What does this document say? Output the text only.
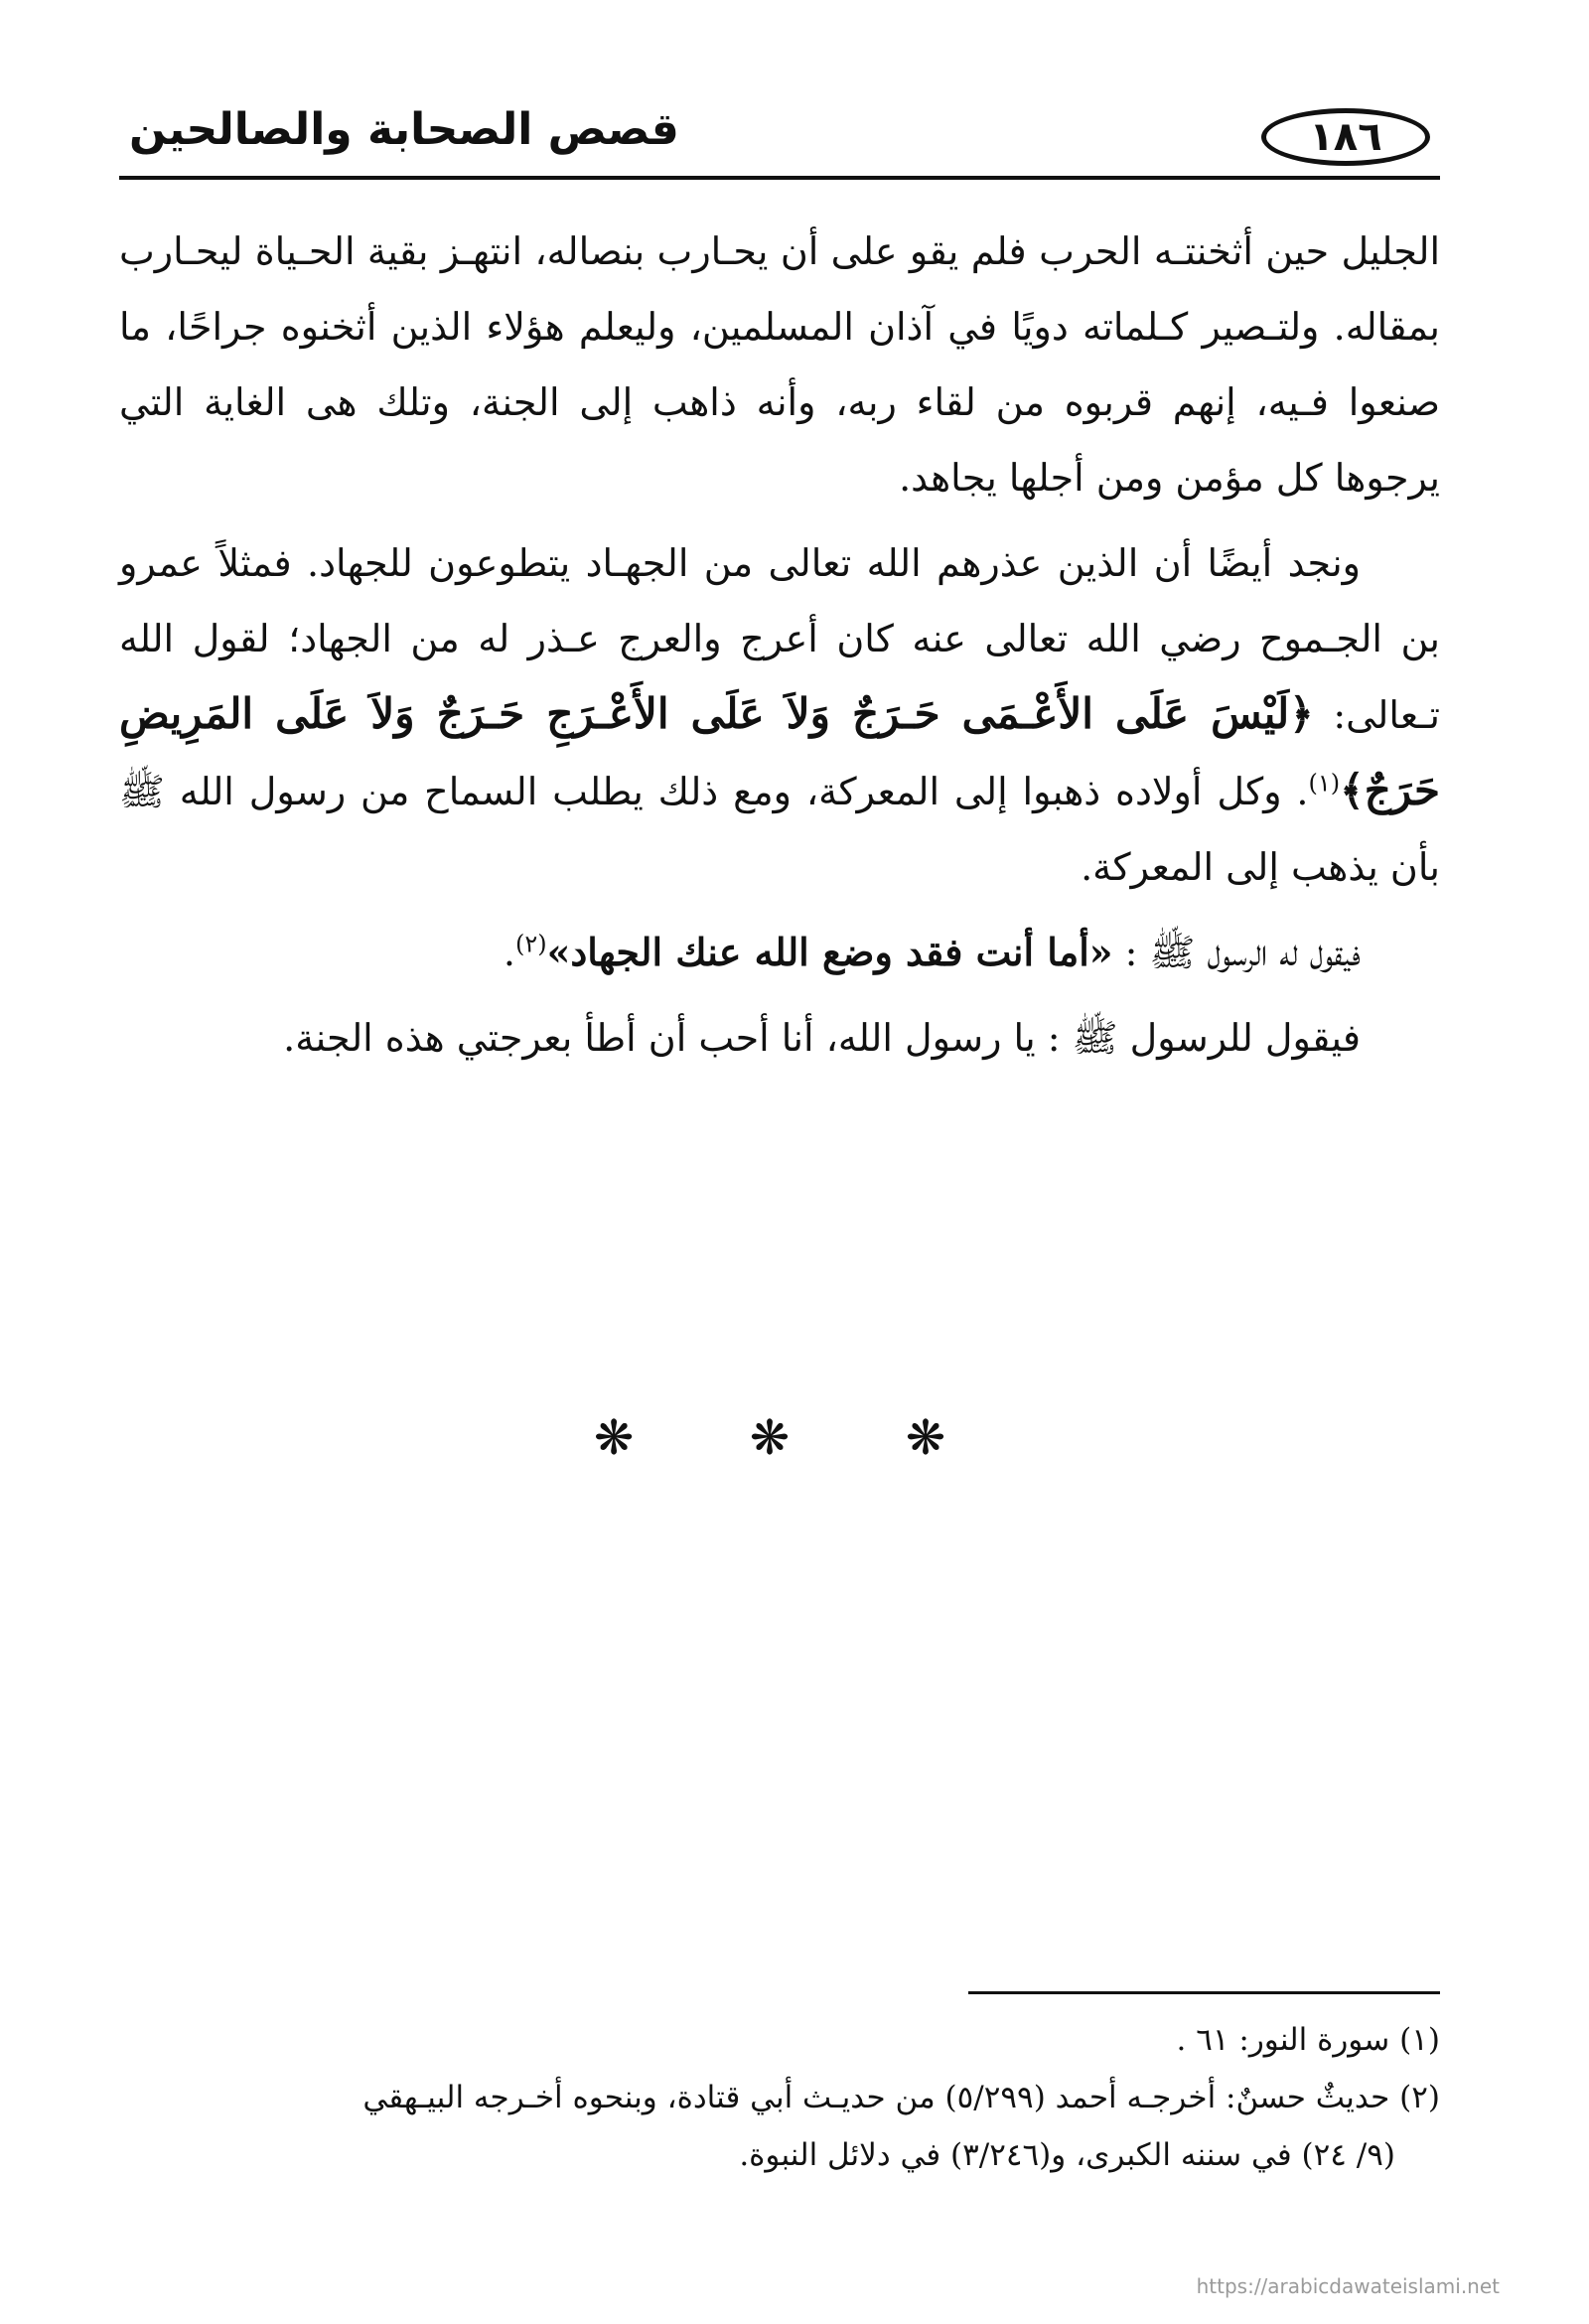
قصص الصحابة والصالحين	١٨٦

الجليل حين أثخنتـه الحرب فلم يقو على أن يحـارب بنصاله، انتهـز بقية الحـياة ليحـارب بمقاله. ولتـصير كـلماته دويًا في آذان المسلمين، وليعلم هؤلاء الذين أثخنوه جراحًا، ما صنعوا فـيه، إنهم قربوه من لقاء ربه، وأنه ذاهب إلى الجنة، وتلك هى الغاية التي يرجوها كل مؤمن ومن أجلها يجاهد.

ونجد أيضًا أن الذين عذرهم الله تعالى من الجهـاد يتطوعون للجهاد. فمثلاً عمرو بن الجـموح رضي الله تعالى عنه كان أعرج والعرج عـذر له من الجهاد؛ لقول الله تـعالى: ﴿لَيْسَ عَلَى الأَعْـمَى حَـرَجٌ وَلاَ عَلَى الأَعْـرَجِ حَـرَجٌ وَلاَ عَلَى المَرِيضِ حَرَجٌ﴾$^{(١)}$. وكل أولاده ذهبوا إلى المعركة، ومع ذلك يطلب السماح من رسول الله ﷺ بأن يذهب إلى المعركة.

فيقول له الرسول ﷺ : «أما أنت فقد وضع الله عنك الجهاد»$^{(٢)}$.

فيقول للرسول ﷺ : يا رسول الله، أنا أحب أن أطأ بعرجتي هذه الجنة.

❋ ❋ ❋

(١) سورة النور: ٦١ .

(٢) حديثٌ حسنٌ: أخرجـه أحمد (٥/٢٩٩) من حديـث أبي قتادة، وبنحوه أخـرجه البيـهقي

(٩/ ٢٤) في سننه الكبرى، و(٣/٢٤٦) في دلائل النبوة.

https://arabicdawateislami.net
